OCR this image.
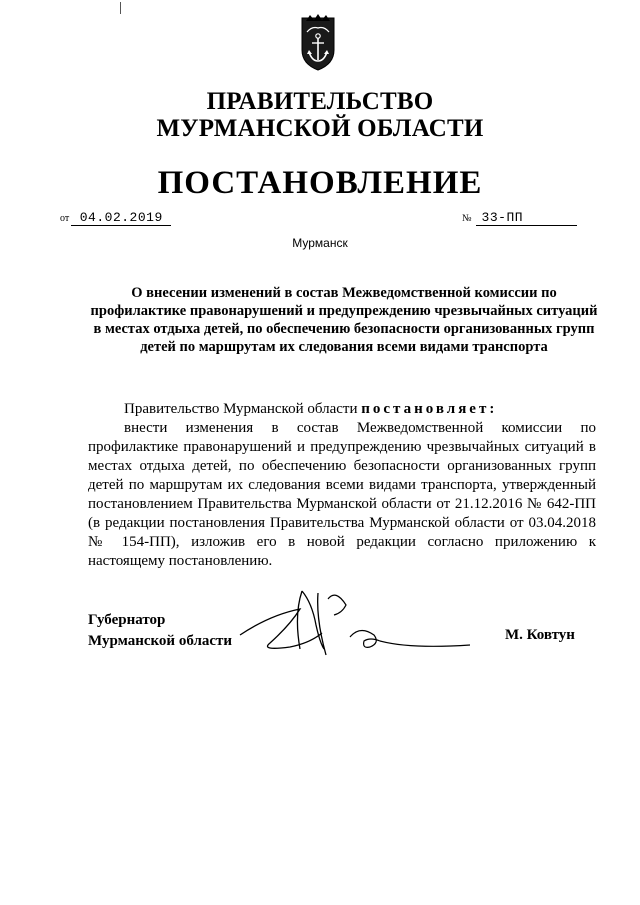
ПРАВИТЕЛЬСТВО
МУРМАНСКОЙ ОБЛАСТИ
ПОСТАНОВЛЕНИЕ
от 04.02.2019	№ 33-ПП
Мурманск
О внесении изменений в состав Межведомственной комиссии по профилактике правонарушений и предупреждению чрезвычайных ситуаций в местах отдыха детей, по обеспечению безопасности организованных групп детей по маршрутам их следования всеми видами транспорта

Правительство Мурманской области постановляет:

внести изменения в состав Межведомственной комиссии по профилактике правонарушений и предупреждению чрезвычайных ситуаций в местах отдыха детей, по обеспечению безопасности организованных групп детей по маршрутам их следования всеми видами транспорта, утвержденный постановлением Правительства Мурманской области от 21.12.2016 № 642-ПП (в редакции постановления Правительства Мурманской области от 03.04.2018 № 154-ПП), изложив его в новой редакции согласно приложению к настоящему постановлению.

Губернатор
Мурманской области	М. Ковтун
